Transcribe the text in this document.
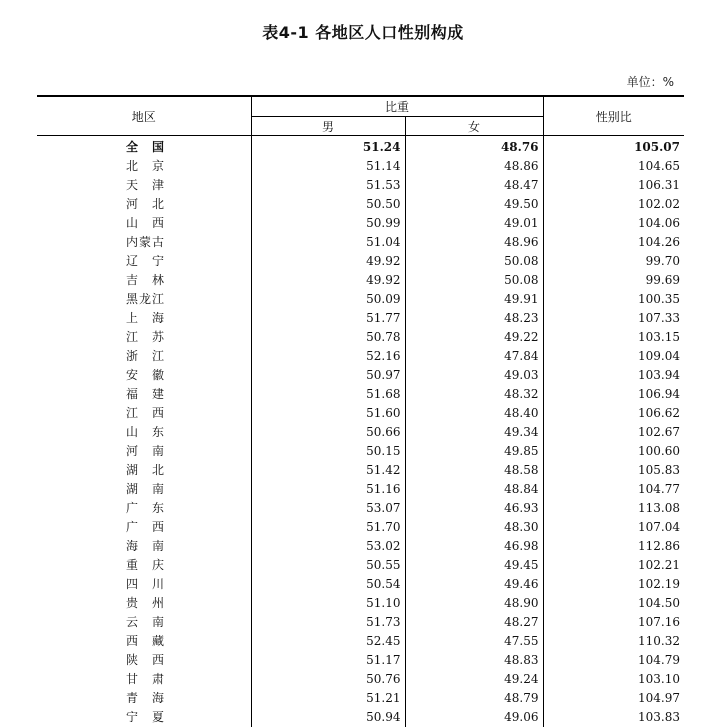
表4-1 各地区人口性别构成
单位：%
地区	比重		性别比
	男	女	
全　国	51.24	48.76	105.07
北　京	51.14	48.86	104.65
天　津	51.53	48.47	106.31
河　北	50.50	49.50	102.02
山　西	50.99	49.01	104.06
内蒙古	51.04	48.96	104.26
辽　宁	49.92	50.08	99.70
吉　林	49.92	50.08	99.69
黑龙江	50.09	49.91	100.35
上　海	51.77	48.23	107.33
江　苏	50.78	49.22	103.15
浙　江	52.16	47.84	109.04
安　徽	50.97	49.03	103.94
福　建	51.68	48.32	106.94
江　西	51.60	48.40	106.62
山　东	50.66	49.34	102.67
河　南	50.15	49.85	100.60
湖　北	51.42	48.58	105.83
湖　南	51.16	48.84	104.77
广　东	53.07	46.93	113.08
广　西	51.70	48.30	107.04
海　南	53.02	46.98	112.86
重　庆	50.55	49.45	102.21
四　川	50.54	49.46	102.19
贵　州	51.10	48.90	104.50
云　南	51.73	48.27	107.16
西　藏	52.45	47.55	110.32
陕　西	51.17	48.83	104.79
甘　肃	50.76	49.24	103.10
青　海	51.21	48.79	104.97
宁　夏	50.94	49.06	103.83
